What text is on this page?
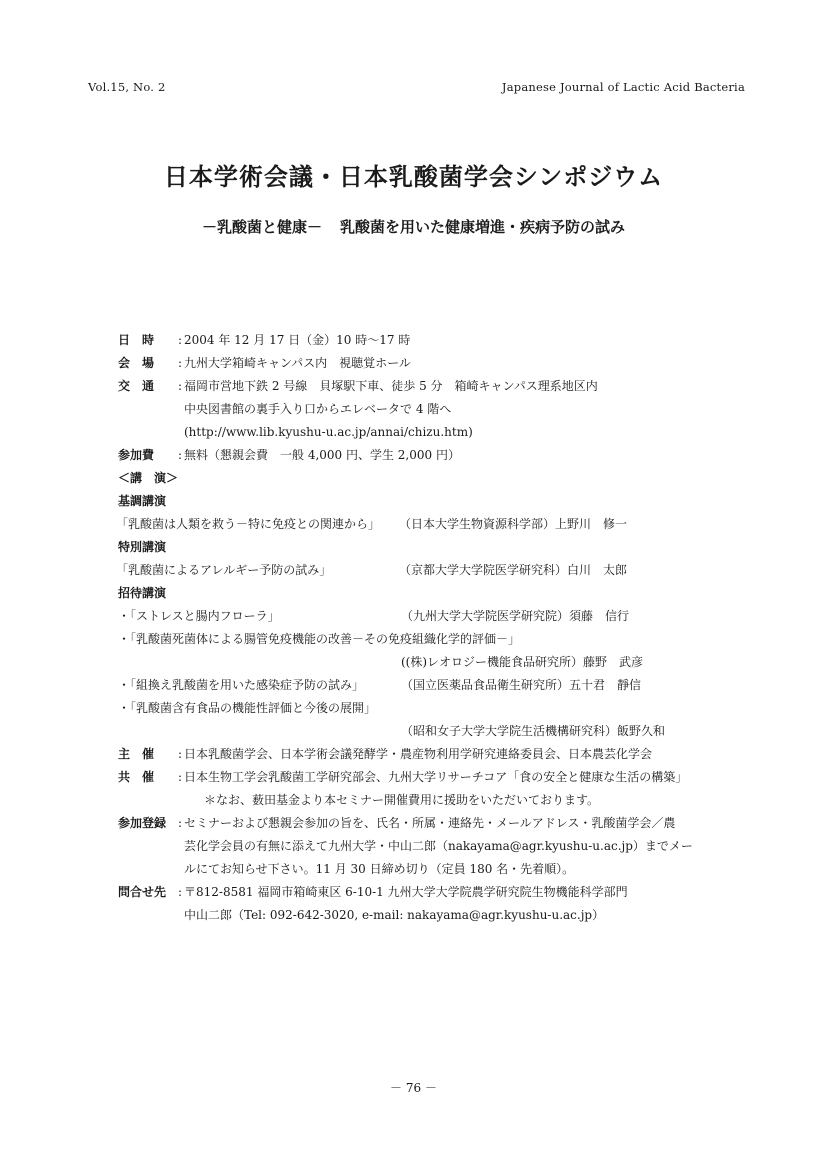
Vol.15, No. 2	Japanese Journal of Lactic Acid Bacteria
日本学術会議・日本乳酸菌学会シンポジウム
－乳酸菌と健康－ 乳酸菌を用いた健康増進・疾病予防の試み
日　時	: 2004 年 12 月 17 日（金）10 時～17 時
会　場	: 九州大学箱崎キャンパス内　視聴覚ホール
交　通	: 福岡市営地下鉄 2 号線　貝塚駅下車、徒歩 5 分　箱崎キャンパス理系地区内
中央図書館の裏手入り口からエレベータで 4 階へ
(http://www.lib.kyushu-u.ac.jp/annai/chizu.htm)
参加費	: 無料（懇親会費　一般 4,000 円、学生 2,000 円）
＜講　演＞
基調講演
「乳酸菌は人類を救う－特に免疫との関連から」	（日本大学生物資源科学部）上野川　修一
特別講演
「乳酸菌によるアレルギー予防の試み」	（京都大学大学院医学研究科）白川　太郎
招待講演
・「ストレスと腸内フローラ」	（九州大学大学院医学研究院）須藤　信行
・「乳酸菌死菌体による腸管免疫機能の改善－その免疫組織化学的評価－」
((株)レオロジー機能食品研究所）藤野　武彦
・「組換え乳酸菌を用いた感染症予防の試み」	（国立医薬品食品衛生研究所）五十君　靜信
・「乳酸菌含有食品の機能性評価と今後の展開」
（昭和女子大学大学院生活機構研究科）飯野久和
主　催	: 日本乳酸菌学会、日本学術会議発酵学・農産物利用学研究連絡委員会、日本農芸化学会
共　催	: 日本生物工学会乳酸菌工学研究部会、九州大学リサーチコア「食の安全と健康な生活の構築」
＊なお、薮田基金より本セミナー開催費用に援助をいただいております。
参加登録 : セミナーおよび懇親会参加の旨を、氏名・所属・連絡先・メールアドレス・乳酸菌学会／農
芸化学会員の有無に添えて九州大学・中山二郎（nakayama@agr.kyushu-u.ac.jp）までメー
ルにてお知らせ下さい。11 月 30 日締め切り（定員 180 名・先着順）。
問合せ先 : 〒812-8581 福岡市箱崎東区 6-10-1 九州大学大学院農学研究院生物機能科学部門
中山二郎（Tel: 092-642-3020, e-mail: nakayama@agr.kyushu-u.ac.jp）
－ 76 －
